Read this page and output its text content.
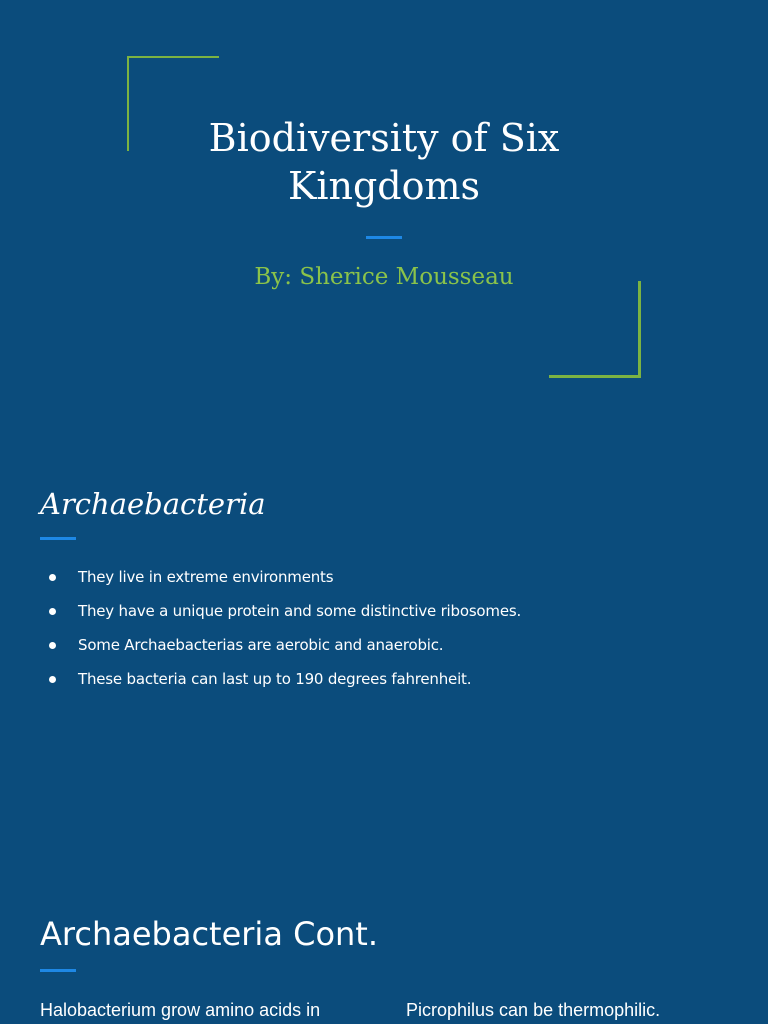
Biodiversity of Six Kingdoms
By: Sherice Mousseau
Archaebacteria
They live in extreme environments
They have a unique protein and some distinctive ribosomes.
Some Archaebacterias are aerobic and anaerobic.
These bacteria can last up to 190 degrees fahrenheit.
Archaebacteria Cont.
Halobacterium grow amino acids in	Picrophilus can be thermophilic.
